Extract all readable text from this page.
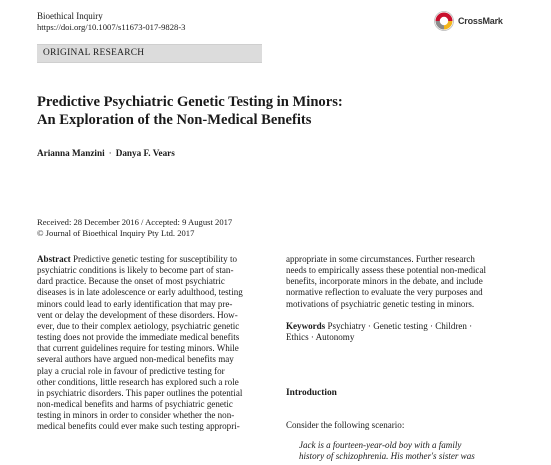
Bioethical Inquiry
https://doi.org/10.1007/s11673-017-9828-3
CrossMark
ORIGINAL RESEARCH
Predictive Psychiatric Genetic Testing in Minors:
An Exploration of the Non-Medical Benefits
Arianna Manzini · Danya F. Vears
Received: 28 December 2016 / Accepted: 9 August 2017
© Journal of Bioethical Inquiry Pty Ltd. 2017
Abstract Predictive genetic testing for susceptibility to
psychiatric conditions is likely to become part of stan-
dard practice. Because the onset of most psychiatric
diseases is in late adolescence or early adulthood, testing
minors could lead to early identification that may pre-
vent or delay the development of these disorders. How-
ever, due to their complex aetiology, psychiatric genetic
testing does not provide the immediate medical benefits
that current guidelines require for testing minors. While
several authors have argued non-medical benefits may
play a crucial role in favour of predictive testing for
other conditions, little research has explored such a role
in psychiatric disorders. This paper outlines the potential
non-medical benefits and harms of psychiatric genetic
testing in minors in order to consider whether the non-
medical benefits could ever make such testing appropri-
appropriate in some circumstances. Further research
needs to empirically assess these potential non-medical
benefits, incorporate minors in the debate, and include
normative reflection to evaluate the very purposes and
motivations of psychiatric genetic testing in minors.
Keywords Psychiatry · Genetic testing · Children ·
Ethics · Autonomy
Introduction
Consider the following scenario:
Jack is a fourteen-year-old boy with a family
history of schizophrenia. His mother's sister was
